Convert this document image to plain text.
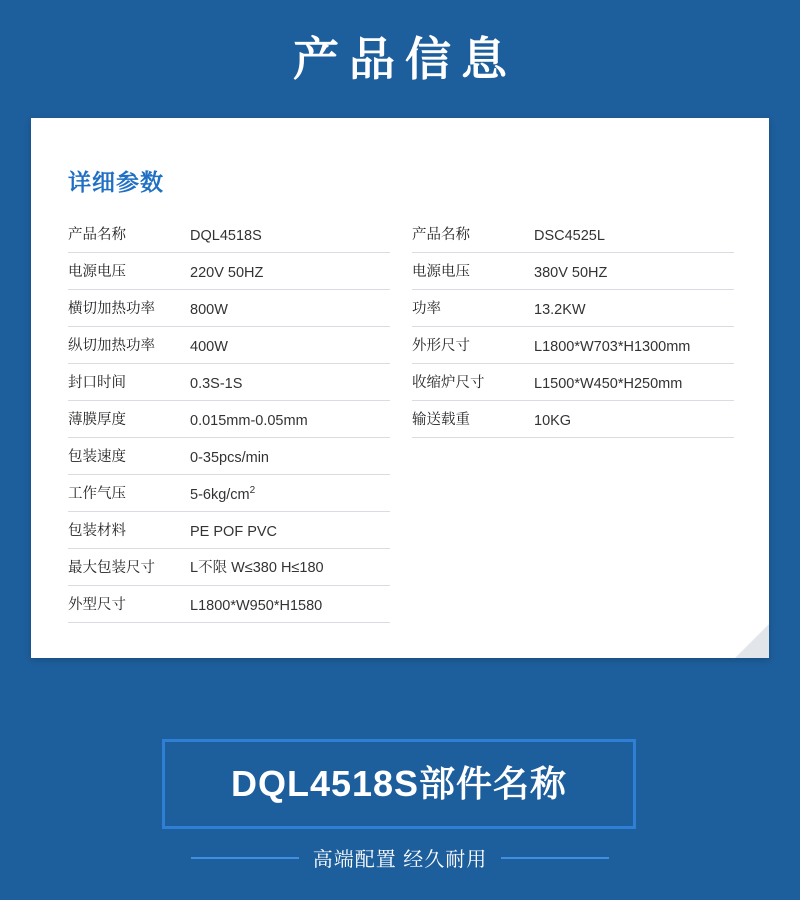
产品信息
详细参数
产品名称	DQL4518S
电源电压	220V 50HZ
横切加热功率	800W
纵切加热功率	400W
封口时间	0.3S-1S
薄膜厚度	0.015mm-0.05mm
包装速度	0-35pcs/min
工作气压	$5-6kg/cm^2$
包装材料	PE POF PVC
最大包装尺寸	L不限 W≤380 H≤180
外型尺寸	L1800*W950*H1580
产品名称	DSC4525L
电源电压	380V 50HZ
功率	13.2KW
外形尺寸	L1800*W703*H1300mm
收缩炉尺寸	L1500*W450*H250mm
输送载重	10KG
DQL4518S部件名称
高端配置 经久耐用
